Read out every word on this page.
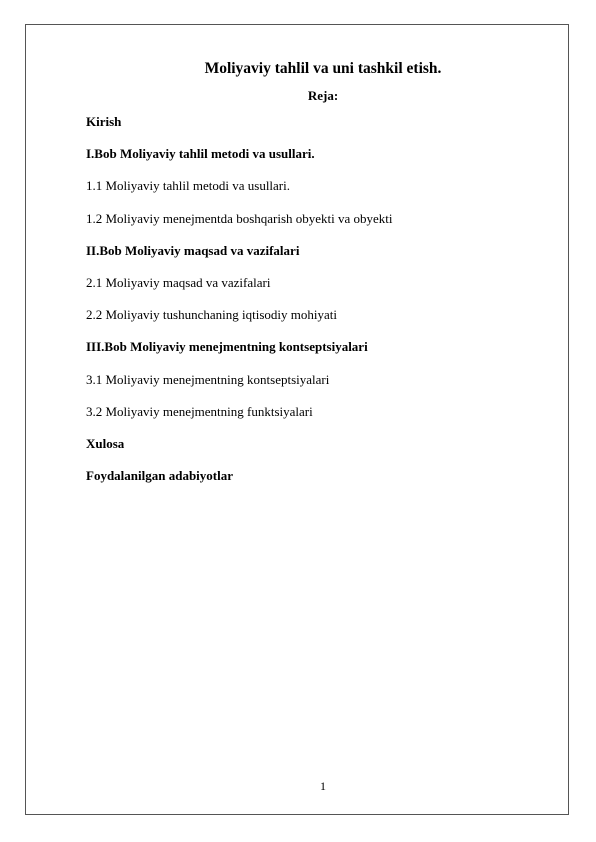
Moliyaviy tahlil va uni tashkil etish.
Reja:
Kirish
I.Bob Moliyaviy tahlil metodi va usullari.
1.1 Moliyaviy tahlil metodi va usullari.
1.2 Moliyaviy menejmentda boshqarish obyekti va obyekti
II.Bob Moliyaviy maqsad va vazifalari
2.1 Moliyaviy maqsad va vazifalari
2.2 Moliyaviy tushunchaning iqtisodiy mohiyati
III.Bob Moliyaviy menejmentning kontseptsiyalari
3.1 Moliyaviy menejmentning kontseptsiyalari
3.2 Moliyaviy menejmentning funktsiyalari
Xulosa
Foydalanilgan adabiyotlar
1
